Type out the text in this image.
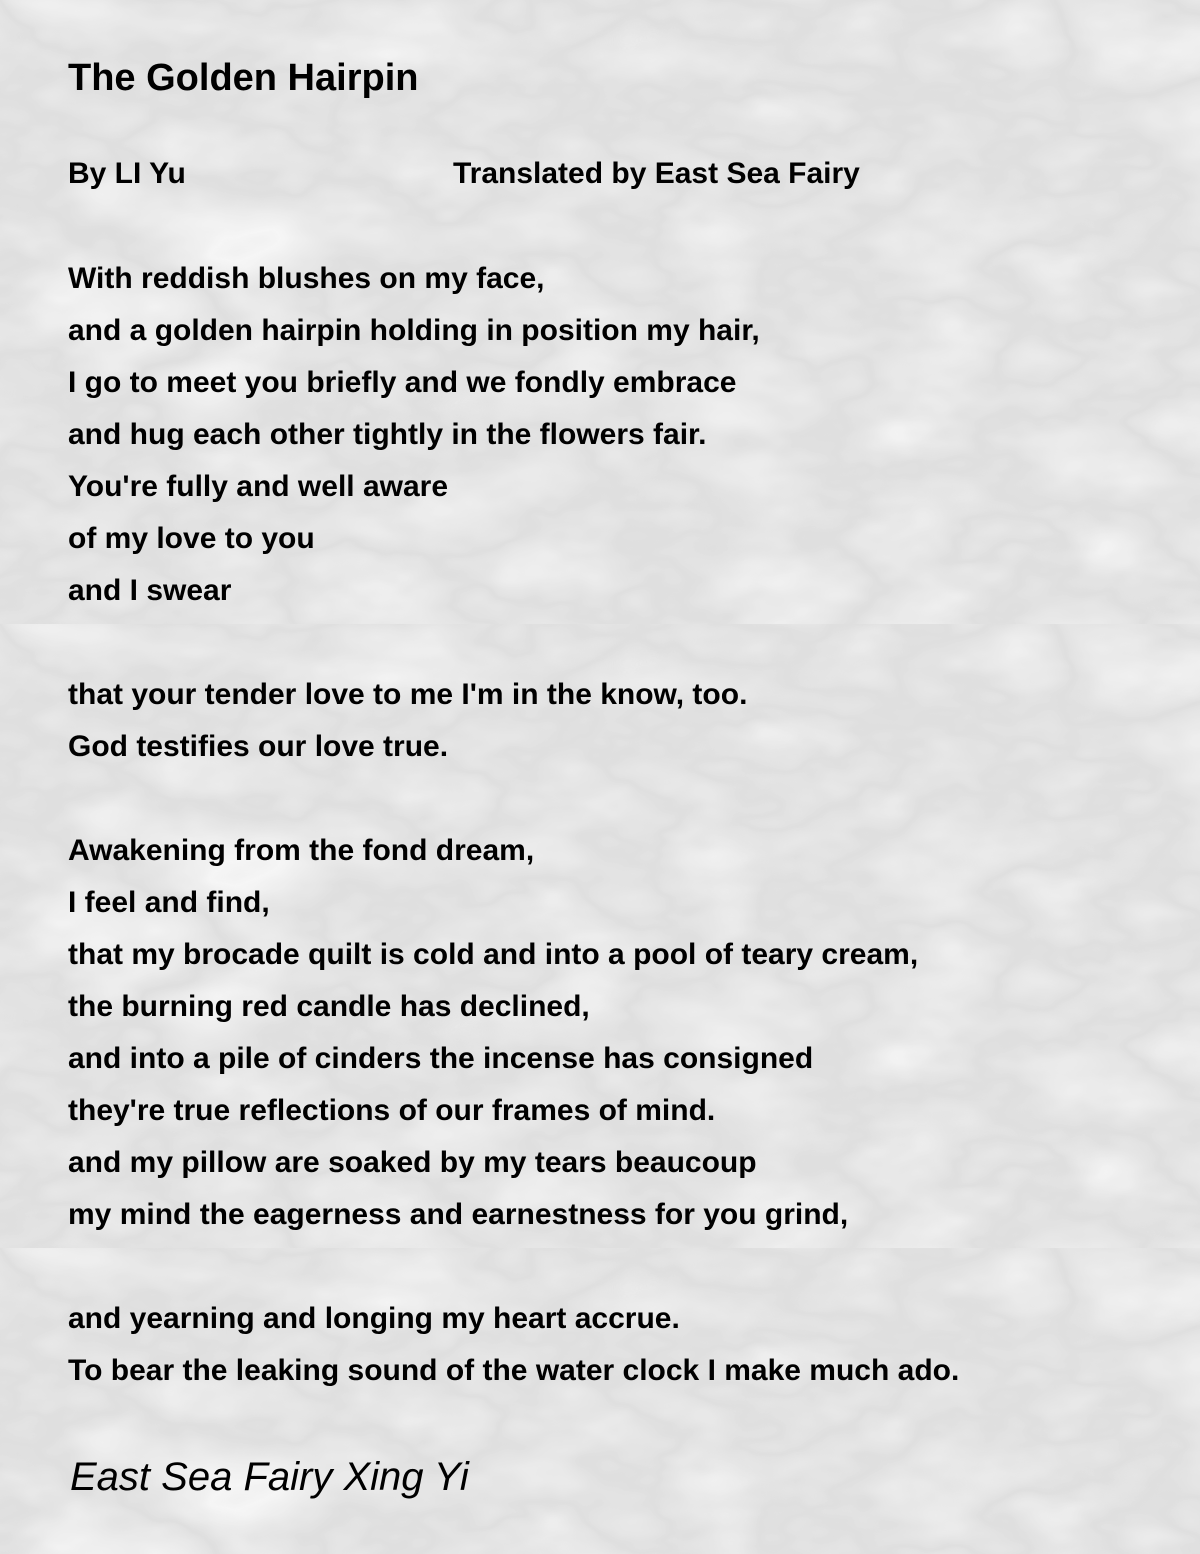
The Golden Hairpin
By LI Yu	Translated by East Sea Fairy
With reddish blushes on my face,
and a golden hairpin holding in position my hair,
I go to meet you briefly and we fondly embrace
and hug each other tightly in the flowers fair.
You're fully and well aware
of my love to you
and I swear
that your tender love to me I'm in the know, too.
God testifies our love true.
Awakening from the fond dream,
I feel and find,
that my brocade quilt is cold and into a pool of teary cream,
the burning red candle has declined,
and into a pile of cinders the incense has consigned
they're true reflections of our frames of mind.
and my pillow are soaked by my tears beaucoup
my mind the eagerness and earnestness for you grind,
and yearning and longing my heart accrue.
To bear the leaking sound of the water clock I make much ado.
East Sea Fairy Xing Yi
